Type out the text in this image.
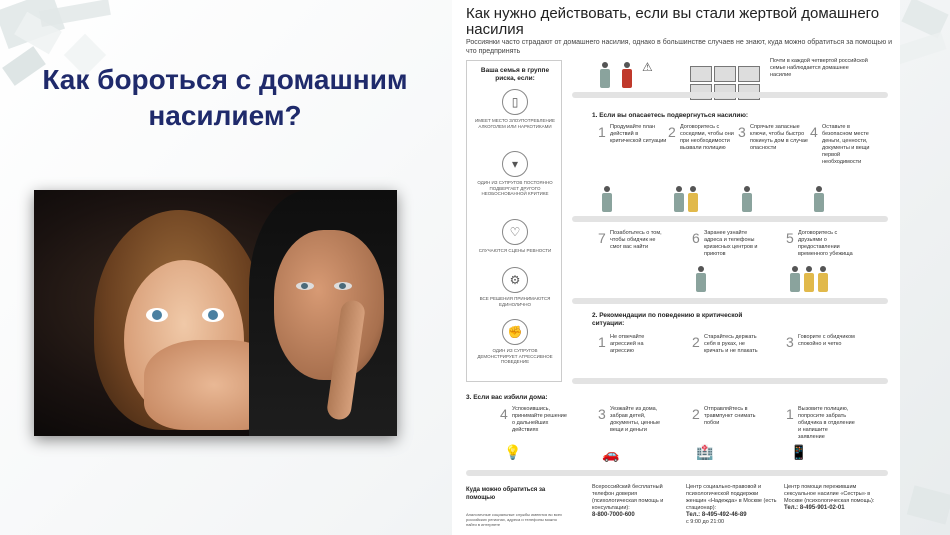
Как бороться с домашним насилием?
Как нужно действовать, если вы стали жертвой домашнего насилия
Россиянки часто страдают от домашнего насилия, однако в большинстве случаев не знают, куда можно обратиться за помощью и что предпринять
⚠	Почти в каждой четвертой российской семье наблюдается домашнее насилие
Ваша семья в группе риска, если:
▯
ИМЕЕТ МЕСТО ЗЛОУПОТРЕБЛЕНИЕ АЛКОГОЛЕМ ИЛИ НАРКОТИКАМИ
▾
ОДИН ИЗ СУПРУГОВ ПОСТОЯННО ПОДВЕРГАЕТ ДРУГОГО НЕОБОСНОВАННОЙ КРИТИКЕ
♡
СЛУЧАЮТСЯ СЦЕНЫ РЕВНОСТИ
⚙
ВСЕ РЕШЕНИЯ ПРИНИМАЮТСЯ ЕДИНОЛИЧНО
✊
ОДИН ИЗ СУПРУГОВ ДЕМОНСТРИРУЕТ АГРЕССИВНОЕ ПОВЕДЕНИЕ
1. Если вы опасаетесь подвергнуться насилию:
1 Продумайте план действий в критической ситуации
2 Договоритесь с соседями, чтобы они при необходимости вызвали полицию
3 Спрячьте запасные ключи, чтобы быстро покинуть дом в случае опасности
4 Оставьте в безопасном месте деньги, ценности, документы и вещи первой необходимости
7 Позаботьтесь о том, чтобы обидчик не смог вас найти
6 Заранее узнайте адреса и телефоны кризисных центров и приютов
5 Договоритесь с друзьями о предоставлении временного убежища
2. Рекомендации по поведению в критической ситуации:
1 Не отвечайте агрессией на агрессию
2 Старайтесь держать себя в руках, не кричать и не плакать
3 Говорите с обидчиком спокойно и четко
3. Если вас избили дома:
4 Успокоившись, принимайте решение о дальнейших действиях
3 Уезжайте из дома, забрав детей, документы, ценные вещи и деньги
2 Отправляйтесь в травмпункт снимать побои
1 Вызовите полицию, попросите забрать обидчика в отделение и напишите заявление
💡	🚗	🏥	📱
Куда можно обратиться за помощью
Аналогичные социальные службы имеются во всех российских регионах, адреса и телефоны можно найти в интернете
Всероссийский бесплатный телефон доверия (психологическая помощь и консультации):
8-800-7000-600
Центр социально-правовой и психологической поддержки женщин «Надежда» в Москве (есть стационар):
Тел.: 8-495-492-46-89
с 9:00 до 21:00
Центр помощи пережившим сексуальное насилие «Сестры» в Москве (психологическая помощь):
Тел.: 8-495-901-02-01
